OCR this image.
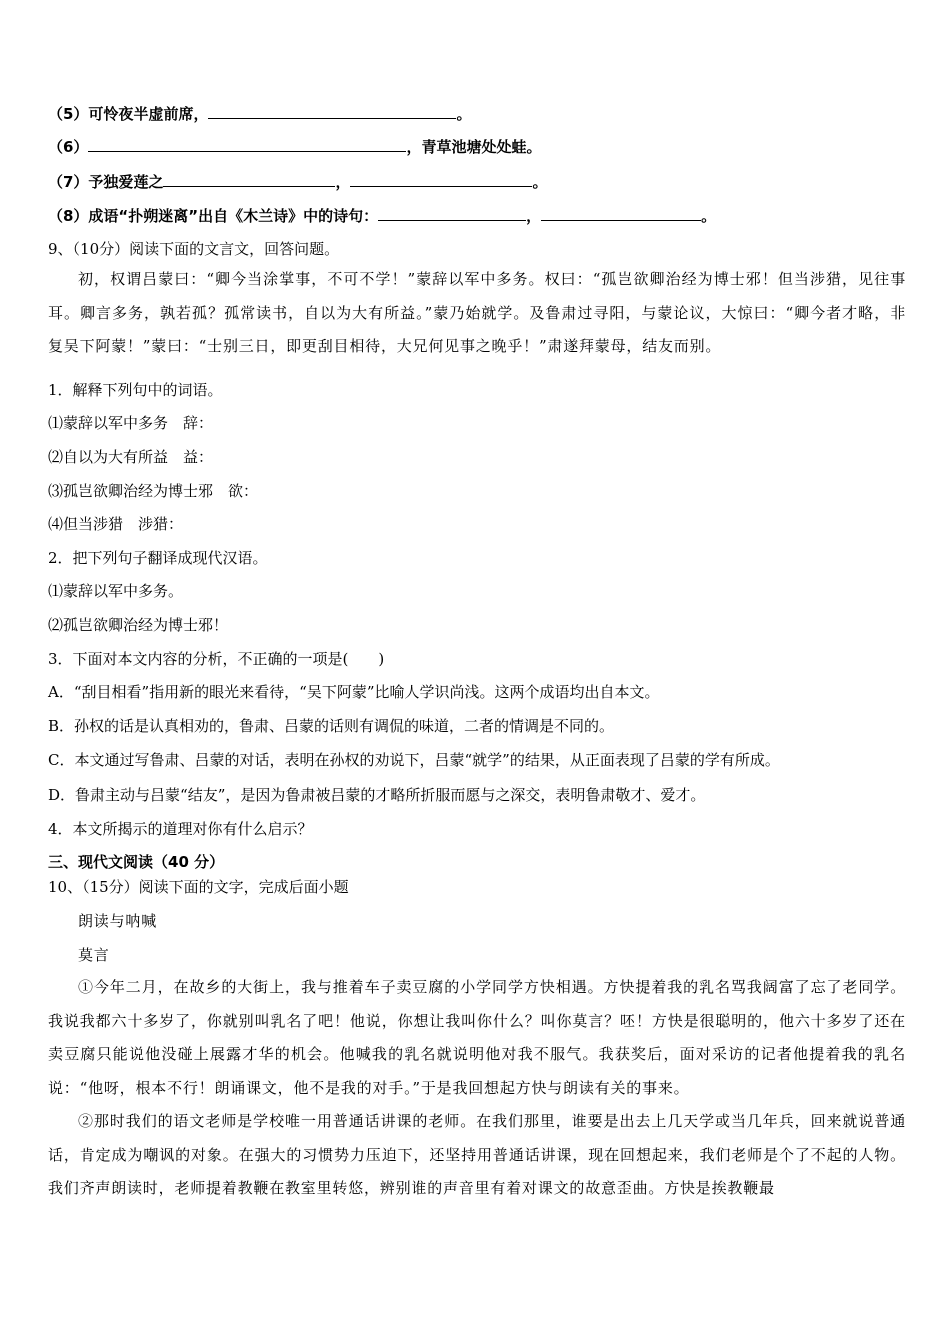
（5）可怜夜半虚前席，	。
（6）	，青草池塘处处蛙。
（7）予独爱莲之	，	。
（8）成语“扑朔迷离”出自《木兰诗》中的诗句：	，	。
9、（10分）阅读下面的文言文，回答问题。

初，权谓吕蒙曰：“卿今当涂掌事，不可不学！”蒙辞以军中多务。权曰：“孤岂欲卿治经为博士邪！但当涉猎，见往事耳。卿言多务，孰若孤？孤常读书，自以为大有所益。”蒙乃始就学。及鲁肃过寻阳，与蒙论议，大惊曰：“卿今者才略，非复吴下阿蒙！”蒙曰：“士别三日，即更刮目相待，大兄何见事之晚乎！”肃遂拜蒙母，结友而别。

1．解释下列句中的词语。
⑴蒙辞以军中多务　辞：
⑵自以为大有所益　益：
⑶孤岂欲卿治经为博士邪　欲：
⑷但当涉猎　涉猎：
2．把下列句子翻译成现代汉语。
⑴蒙辞以军中多务。
⑵孤岂欲卿治经为博士邪！
3．下面对本文内容的分析，不正确的一项是(　　)
A．“刮目相看”指用新的眼光来看待，“吴下阿蒙”比喻人学识尚浅。这两个成语均出自本文。
B．孙权的话是认真相劝的，鲁肃、吕蒙的话则有调侃的味道，二者的情调是不同的。
C．本文通过写鲁肃、吕蒙的对话，表明在孙权的劝说下，吕蒙“就学”的结果，从正面表现了吕蒙的学有所成。
D．鲁肃主动与吕蒙“结友”，是因为鲁肃被吕蒙的才略所折服而愿与之深交，表明鲁肃敬才、爱才。
4．本文所揭示的道理对你有什么启示？
三、现代文阅读（40 分）
10、（15分）阅读下面的文字，完成后面小题
朗读与呐喊
莫言

①今年二月，在故乡的大街上，我与推着车子卖豆腐的小学同学方快相遇。方快提着我的乳名骂我阔富了忘了老同学。我说我都六十多岁了，你就别叫乳名了吧！他说，你想让我叫你什么？叫你莫言？呸！方快是很聪明的，他六十多岁了还在卖豆腐只能说他没碰上展露才华的机会。他喊我的乳名就说明他对我不服气。我获奖后，面对采访的记者他提着我的乳名说：“他呀，根本不行！朗诵课文，他不是我的对手。”于是我回想起方快与朗读有关的事来。

②那时我们的语文老师是学校唯一用普通话讲课的老师。在我们那里，谁要是出去上几天学或当几年兵，回来就说普通话，肯定成为嘲讽的对象。在强大的习惯势力压迫下，还坚持用普通话讲课，现在回想起来，我们老师是个了不起的人物。我们齐声朗读时，老师提着教鞭在教室里转悠，辨别谁的声音里有着对课文的故意歪曲。方快是挨教鞭最
